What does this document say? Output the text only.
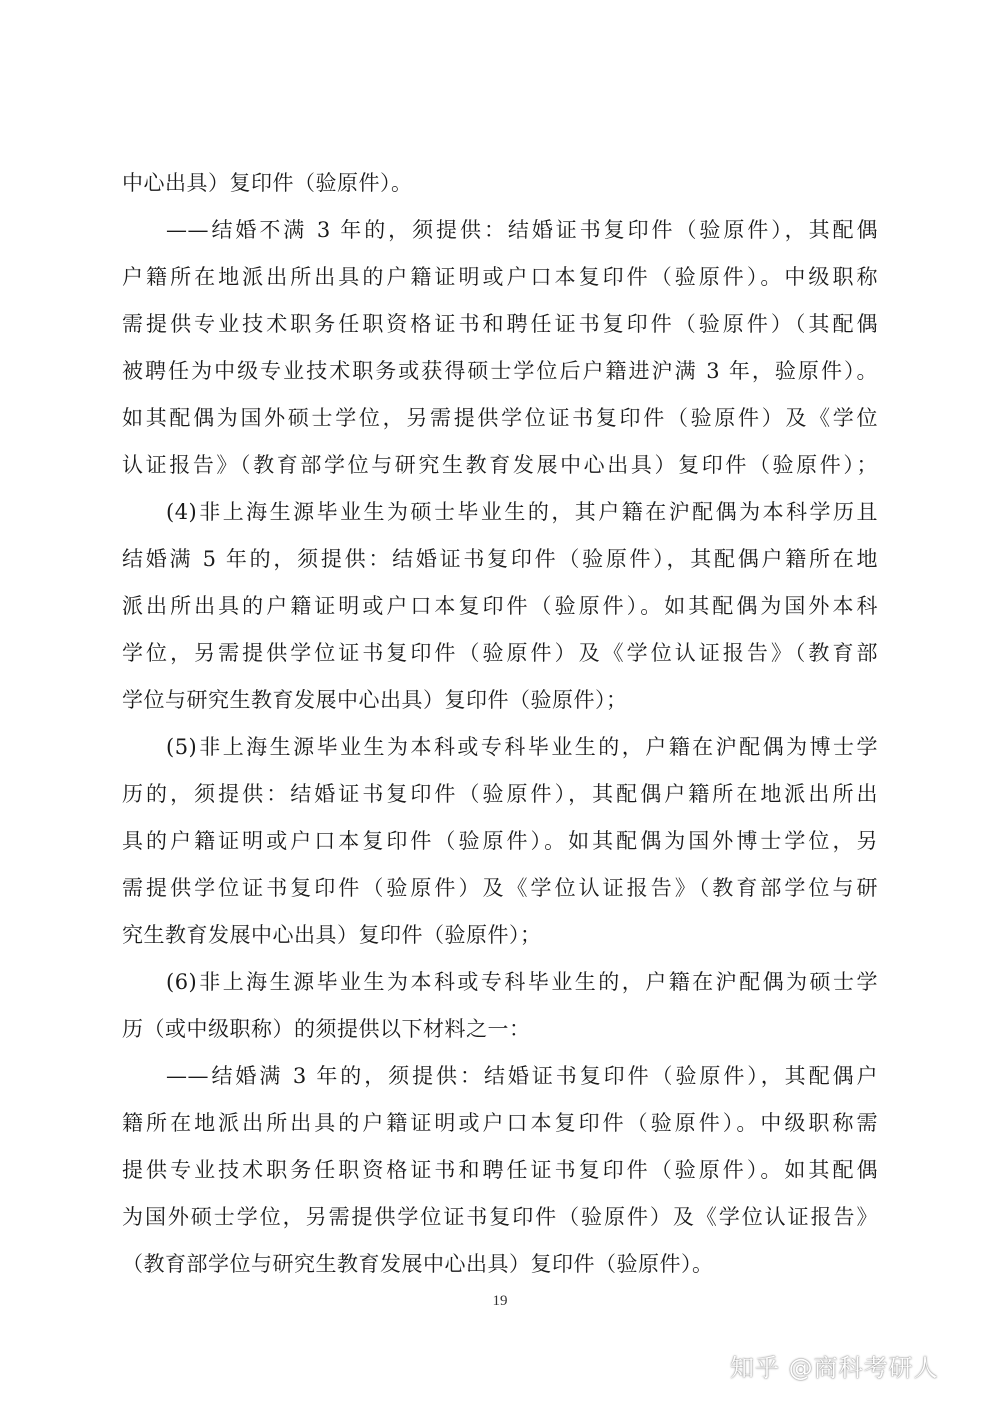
中心出具）复印件（验原件）。
——结婚不满 3 年的，须提供：结婚证书复印件（验原件），其配偶
户籍所在地派出所出具的户籍证明或户口本复印件（验原件）。中级职称
需提供专业技术职务任职资格证书和聘任证书复印件（验原件）（其配偶
被聘任为中级专业技术职务或获得硕士学位后户籍进沪满 3 年，验原件）。
如其配偶为国外硕士学位，另需提供学位证书复印件（验原件）及《学位
认证报告》（教育部学位与研究生教育发展中心出具）复印件（验原件）；
(4)非上海生源毕业生为硕士毕业生的，其户籍在沪配偶为本科学历且
结婚满 5 年的，须提供：结婚证书复印件（验原件），其配偶户籍所在地
派出所出具的户籍证明或户口本复印件（验原件）。如其配偶为国外本科
学位，另需提供学位证书复印件（验原件）及《学位认证报告》（教育部
学位与研究生教育发展中心出具）复印件（验原件）；
(5)非上海生源毕业生为本科或专科毕业生的，户籍在沪配偶为博士学
历的，须提供：结婚证书复印件（验原件），其配偶户籍所在地派出所出
具的户籍证明或户口本复印件（验原件）。如其配偶为国外博士学位，另
需提供学位证书复印件（验原件）及《学位认证报告》（教育部学位与研
究生教育发展中心出具）复印件（验原件）；
(6)非上海生源毕业生为本科或专科毕业生的，户籍在沪配偶为硕士学
历（或中级职称）的须提供以下材料之一：
——结婚满 3 年的，须提供：结婚证书复印件（验原件），其配偶户
籍所在地派出所出具的户籍证明或户口本复印件（验原件）。中级职称需
提供专业技术职务任职资格证书和聘任证书复印件（验原件）。如其配偶
为国外硕士学位，另需提供学位证书复印件（验原件）及《学位认证报告》
（教育部学位与研究生教育发展中心出具）复印件（验原件）。
19
知乎 @商科考研人
